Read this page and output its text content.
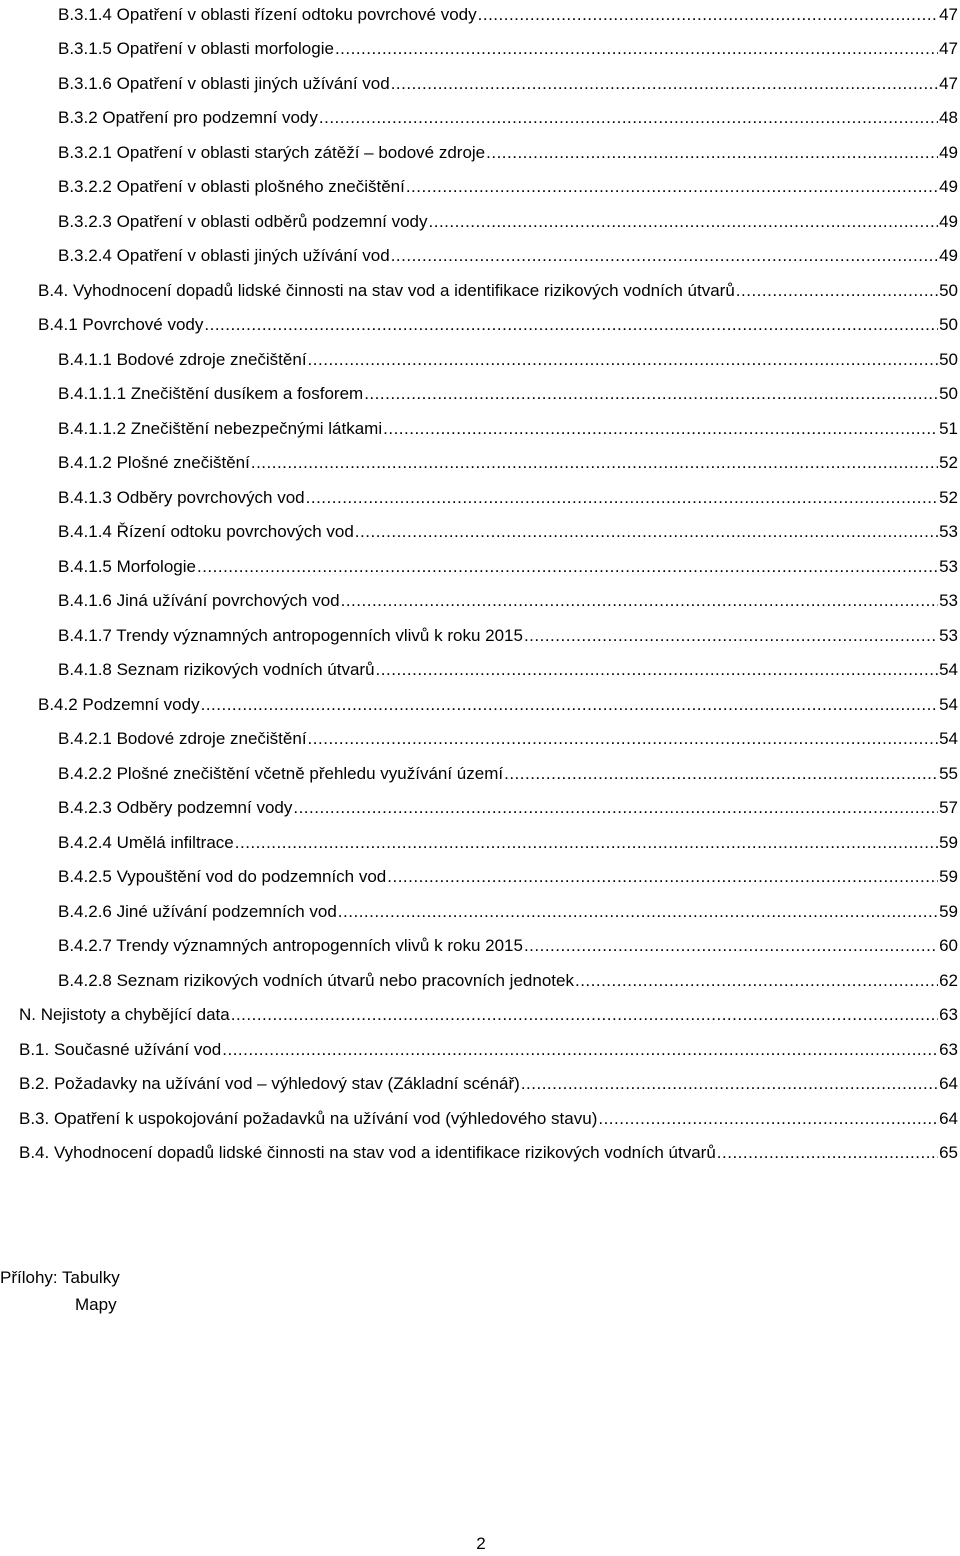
B.3.1.4 Opatření v oblasti řízení odtoku povrchové vody .....	47
B.3.1.5 Opatření v oblasti morfologie .....	47
B.3.1.6 Opatření v oblasti jiných užívání vod .....	47
B.3.2 Opatření pro podzemní vody .....	48
B.3.2.1 Opatření v oblasti starých zátěží – bodové zdroje .....	49
B.3.2.2 Opatření v oblasti plošného znečištění .....	49
B.3.2.3 Opatření v oblasti odběrů podzemní vody .....	49
B.3.2.4 Opatření v oblasti jiných užívání vod .....	49
B.4. Vyhodnocení dopadů lidské činnosti na stav vod a identifikace rizikových vodních útvarů .....	50
B.4.1 Povrchové vody .....	50
B.4.1.1 Bodové zdroje znečištění .....	50
B.4.1.1.1 Znečištění dusíkem a fosforem .....	50
B.4.1.1.2 Znečištění nebezpečnými látkami .....	51
B.4.1.2 Plošné znečištění .....	52
B.4.1.3 Odběry povrchových vod .....	52
B.4.1.4 Řízení odtoku povrchových vod .....	53
B.4.1.5 Morfologie .....	53
B.4.1.6 Jiná užívání povrchových vod .....	53
B.4.1.7 Trendy významných antropogenních vlivů k roku 2015 .....	53
B.4.1.8 Seznam rizikových vodních útvarů .....	54
B.4.2 Podzemní vody .....	54
B.4.2.1 Bodové zdroje znečištění .....	54
B.4.2.2 Plošné znečištění včetně přehledu využívání území .....	55
B.4.2.3 Odběry podzemní vody .....	57
B.4.2.4 Umělá infiltrace .....	59
B.4.2.5 Vypouštění vod do podzemních vod .....	59
B.4.2.6 Jiné užívání podzemních vod .....	59
B.4.2.7 Trendy významných antropogenních vlivů k roku 2015 .....	60
B.4.2.8 Seznam rizikových vodních útvarů nebo pracovních jednotek .....	62
N. Nejistoty a chybějící data .....	63
B.1. Současné užívání vod .....	63
B.2. Požadavky na užívání vod – výhledový stav (Základní scénář) .....	64
B.3. Opatření k uspokojování požadavků na užívání vod (výhledového stavu) .....	64
B.4. Vyhodnocení dopadů lidské činnosti na stav vod a identifikace rizikových vodních útvarů .....	65
Přílohy: Tabulky
Mapy
2
